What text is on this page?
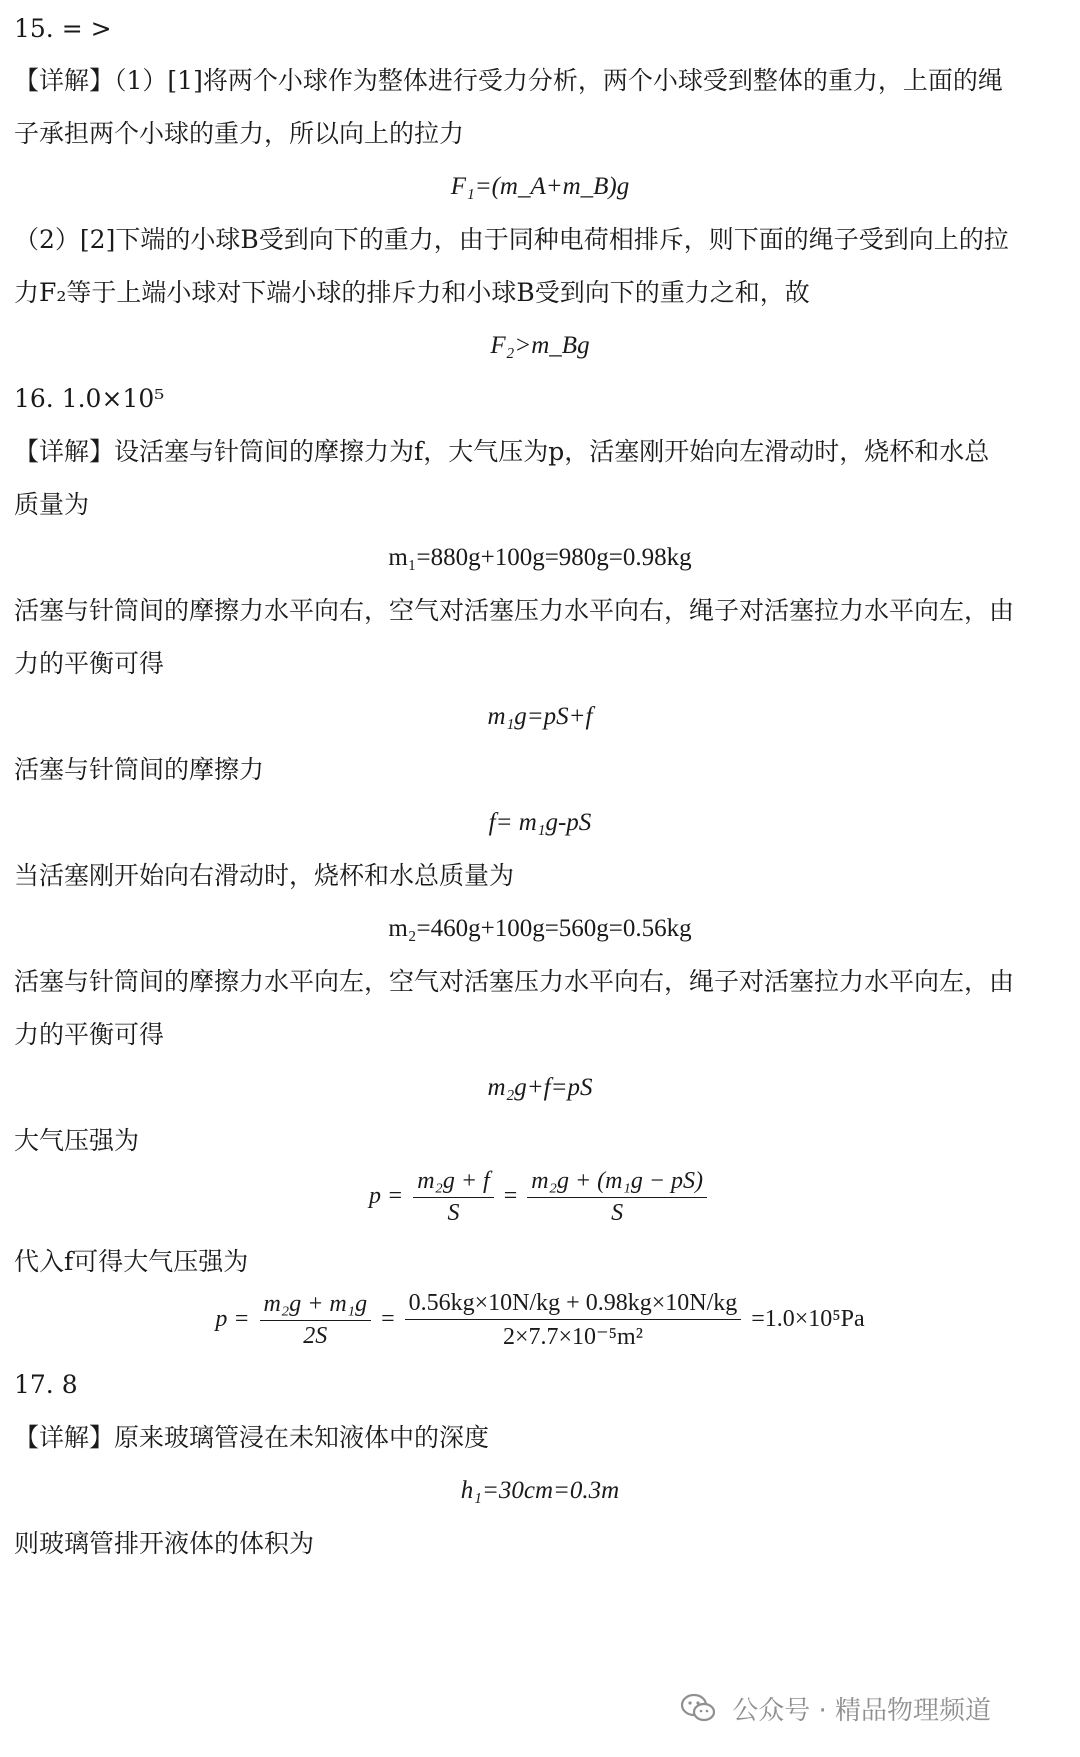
15. = >
【详解】（1）[1]将两个小球作为整体进行受力分析，两个小球受到整体的重力，上面的绳
子承担两个小球的重力，所以向上的拉力
F₁=(m_A+m_B)g
（2）[2]下端的小球B受到向下的重力，由于同种电荷相排斥，则下面的绳子受到向上的拉
力F₂等于上端小球对下端小球的排斥力和小球B受到向下的重力之和，故
F₂>m_Bg
16. 1.0×10⁵
【详解】设活塞与针筒间的摩擦力为f，大气压为p，活塞刚开始向左滑动时，烧杯和水总
质量为
m₁=880g+100g=980g=0.98kg
活塞与针筒间的摩擦力水平向右，空气对活塞压力水平向右，绳子对活塞拉力水平向左，由
力的平衡可得
m₁g=pS+f
活塞与针筒间的摩擦力
f= m₁g-pS
当活塞刚开始向右滑动时，烧杯和水总质量为
m₂=460g+100g=560g=0.56kg
活塞与针筒间的摩擦力水平向左，空气对活塞压力水平向右，绳子对活塞拉力水平向左，由
力的平衡可得
m₂g+f=pS
大气压强为
$p = \frac{\text{m₂g + f}}{S} = \frac{\text{m₂g + (m₁g − pS)}}{S}$
代入f可得大气压强为
$p = \frac{\text{m₂g + m₁g}}{2S} = \frac{0.56kg\times 10N/kg + 0.98kg\times 10N/kg}{\text{2×7.7×10⁻⁵m²}} =1.0\times 10^5Pa$
17. 8
【详解】原来玻璃管浸在未知液体中的深度
h₁=30cm=0.3m
则玻璃管排开液体的体积为
公众号 · 精品物理频道
